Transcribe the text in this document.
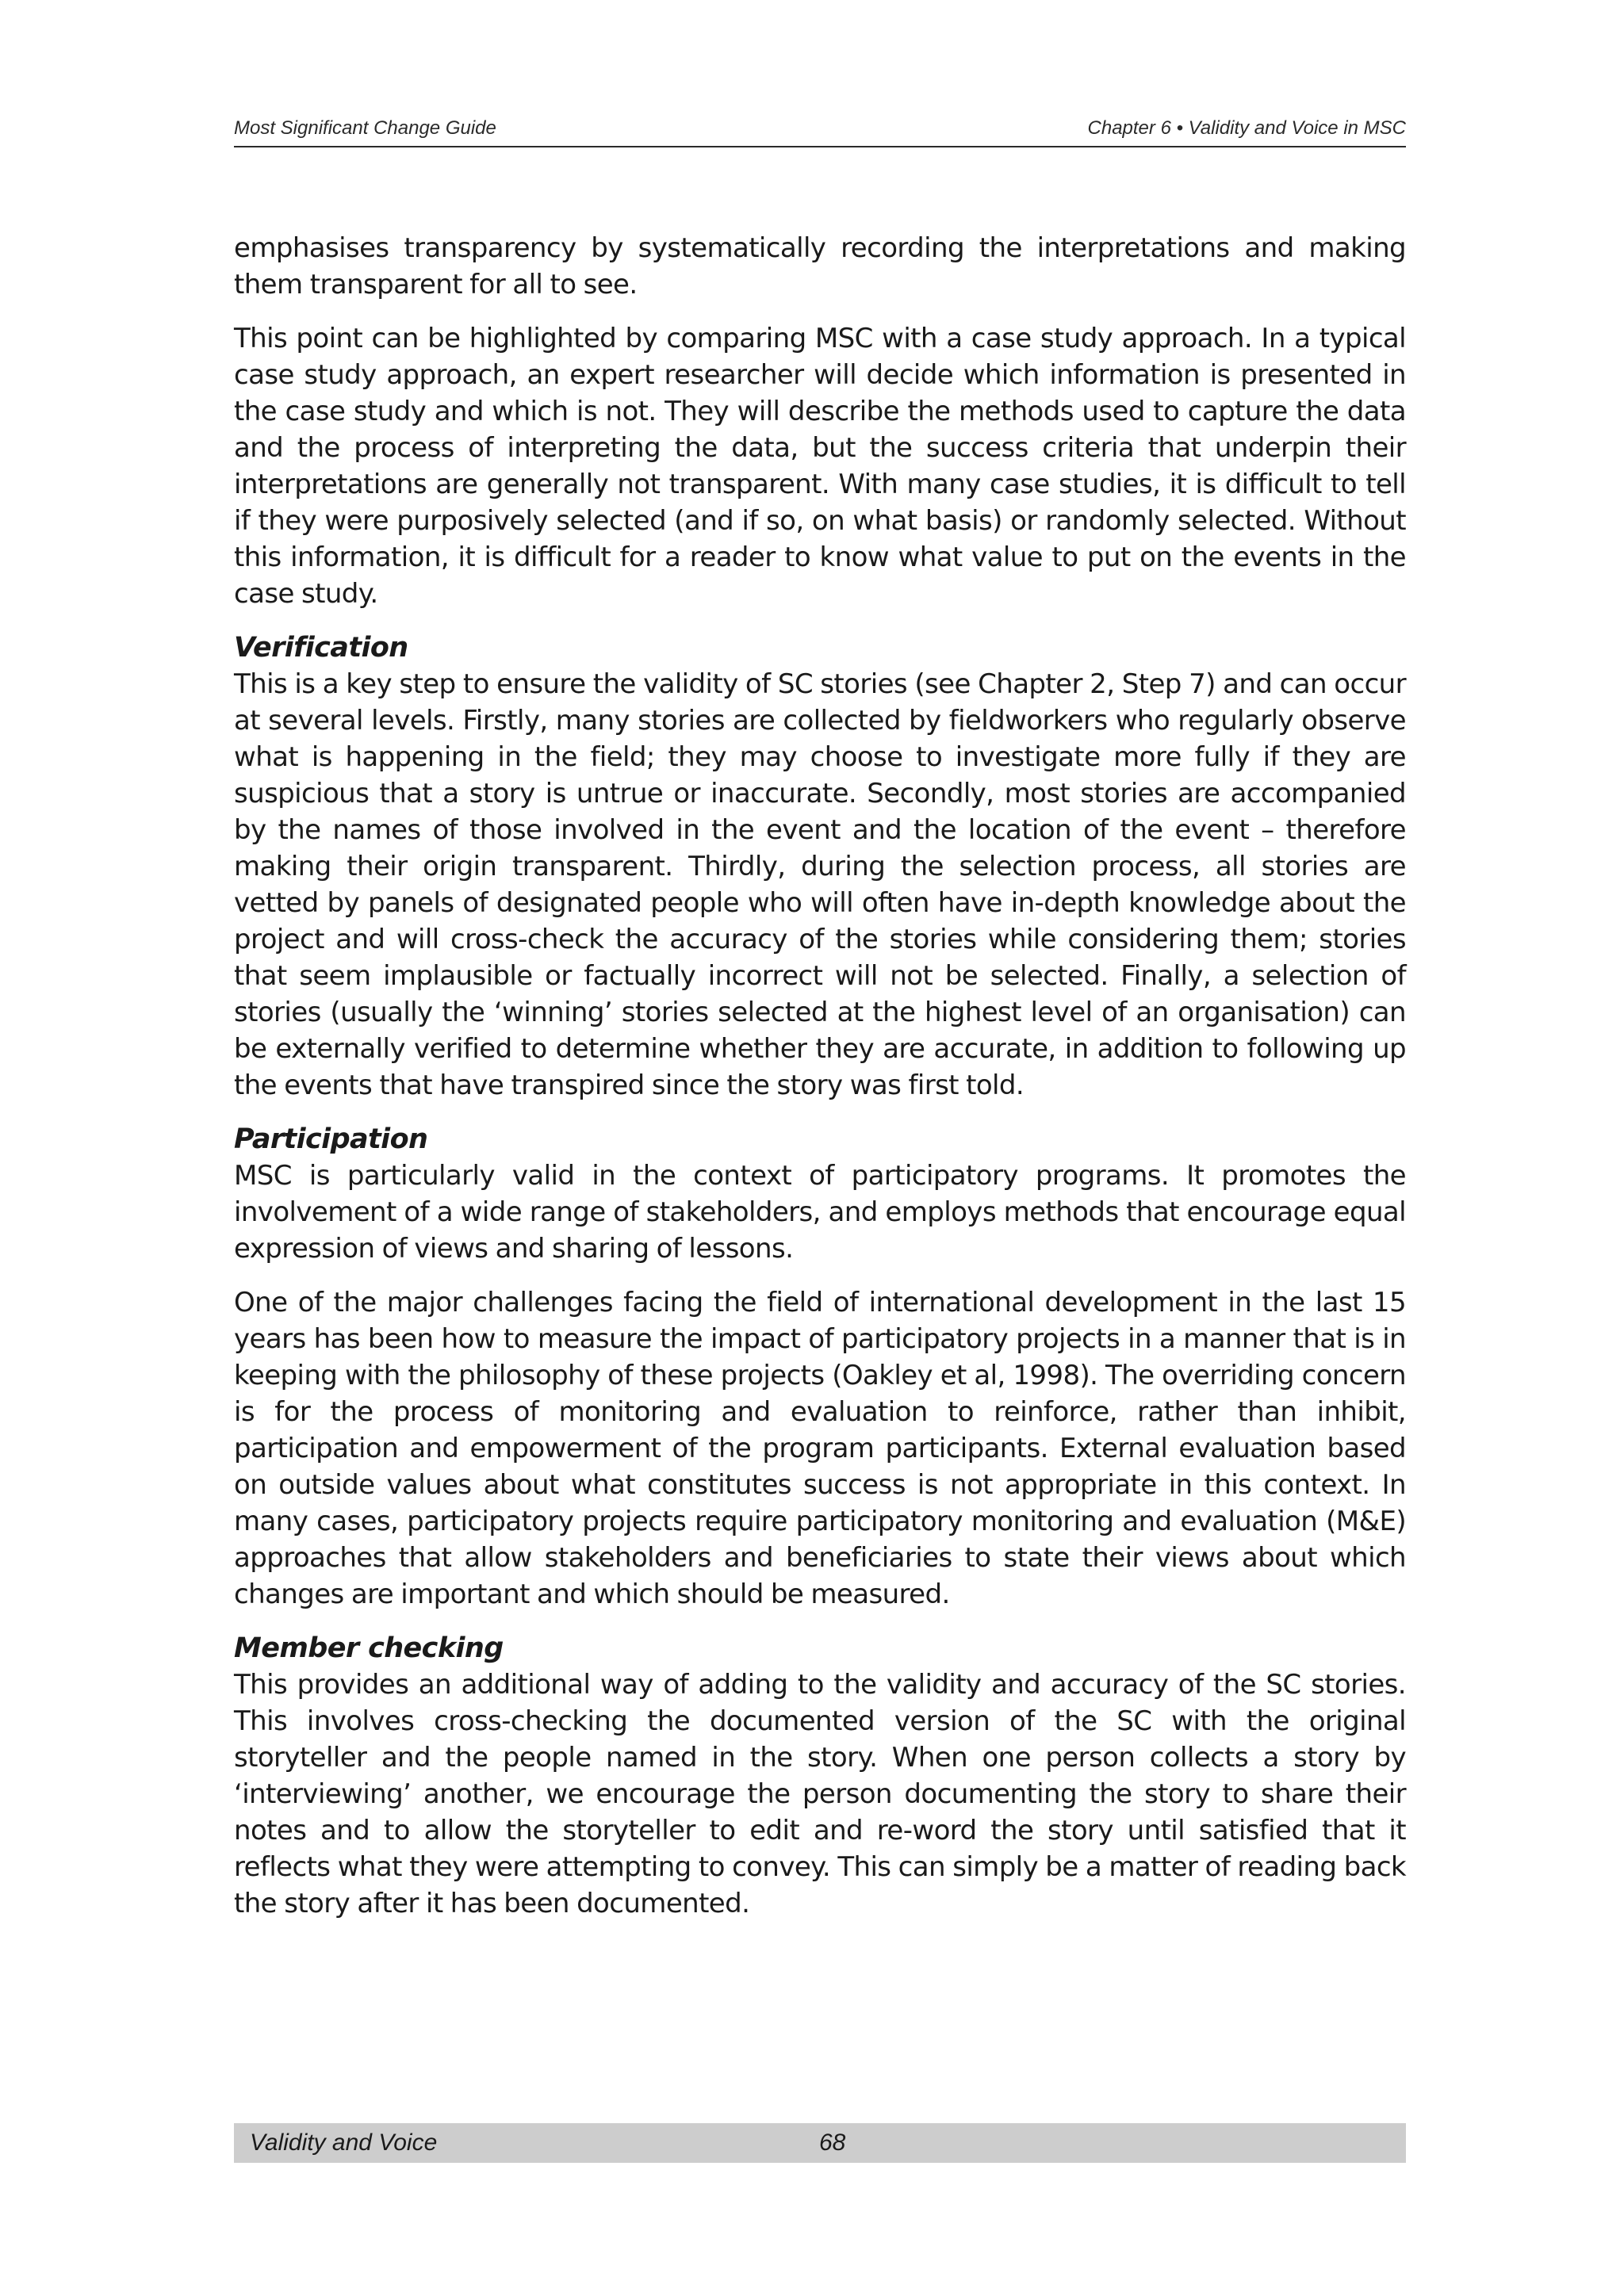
Most Significant Change Guide	Chapter 6 • Validity and Voice in MSC

emphasises transparency by systematically recording the interpretations and making them transparent for all to see.

This point can be highlighted by comparing MSC with a case study approach. In a typical case study approach, an expert researcher will decide which information is presented in the case study and which is not. They will describe the methods used to capture the data and the process of interpreting the data, but the success criteria that underpin their interpretations are generally not transparent. With many case studies, it is difficult to tell if they were purposively selected (and if so, on what basis) or randomly selected. Without this information, it is difficult for a reader to know what value to put on the events in the case study.

Verification

This is a key step to ensure the validity of SC stories (see Chapter 2, Step 7) and can occur at several levels. Firstly, many stories are collected by fieldworkers who regularly observe what is happening in the field; they may choose to investigate more fully if they are suspicious that a story is untrue or inaccurate. Secondly, most stories are accompanied by the names of those involved in the event and the location of the event – therefore making their origin transparent. Thirdly, during the selection process, all stories are vetted by panels of designated people who will often have in-depth knowledge about the project and will cross-check the accuracy of the stories while considering them; stories that seem implausible or factually incorrect will not be selected. Finally, a selection of stories (usually the ‘winning’ stories selected at the highest level of an organisation) can be externally verified to determine whether they are accurate, in addition to following up the events that have transpired since the story was first told.

Participation

MSC is particularly valid in the context of participatory programs. It promotes the involvement of a wide range of stakeholders, and employs methods that encourage equal expression of views and sharing of lessons.

One of the major challenges facing the field of international development in the last 15 years has been how to measure the impact of participatory projects in a manner that is in keeping with the philosophy of these projects (Oakley et al, 1998). The overriding concern is for the process of monitoring and evaluation to reinforce, rather than inhibit, participation and empowerment of the program participants. External evaluation based on outside values about what constitutes success is not appropriate in this context. In many cases, participatory projects require participatory monitoring and evaluation (M&E) approaches that allow stakeholders and beneficiaries to state their views about which changes are important and which should be measured.

Member checking

This provides an additional way of adding to the validity and accuracy of the SC stories. This involves cross-checking the documented version of the SC with the original storyteller and the people named in the story. When one person collects a story by ‘interviewing’ another, we encourage the person documenting the story to share their notes and to allow the storyteller to edit and re-word the story until satisfied that it reflects what they were attempting to convey. This can simply be a matter of reading back the story after it has been documented.

Validity and Voice	68
